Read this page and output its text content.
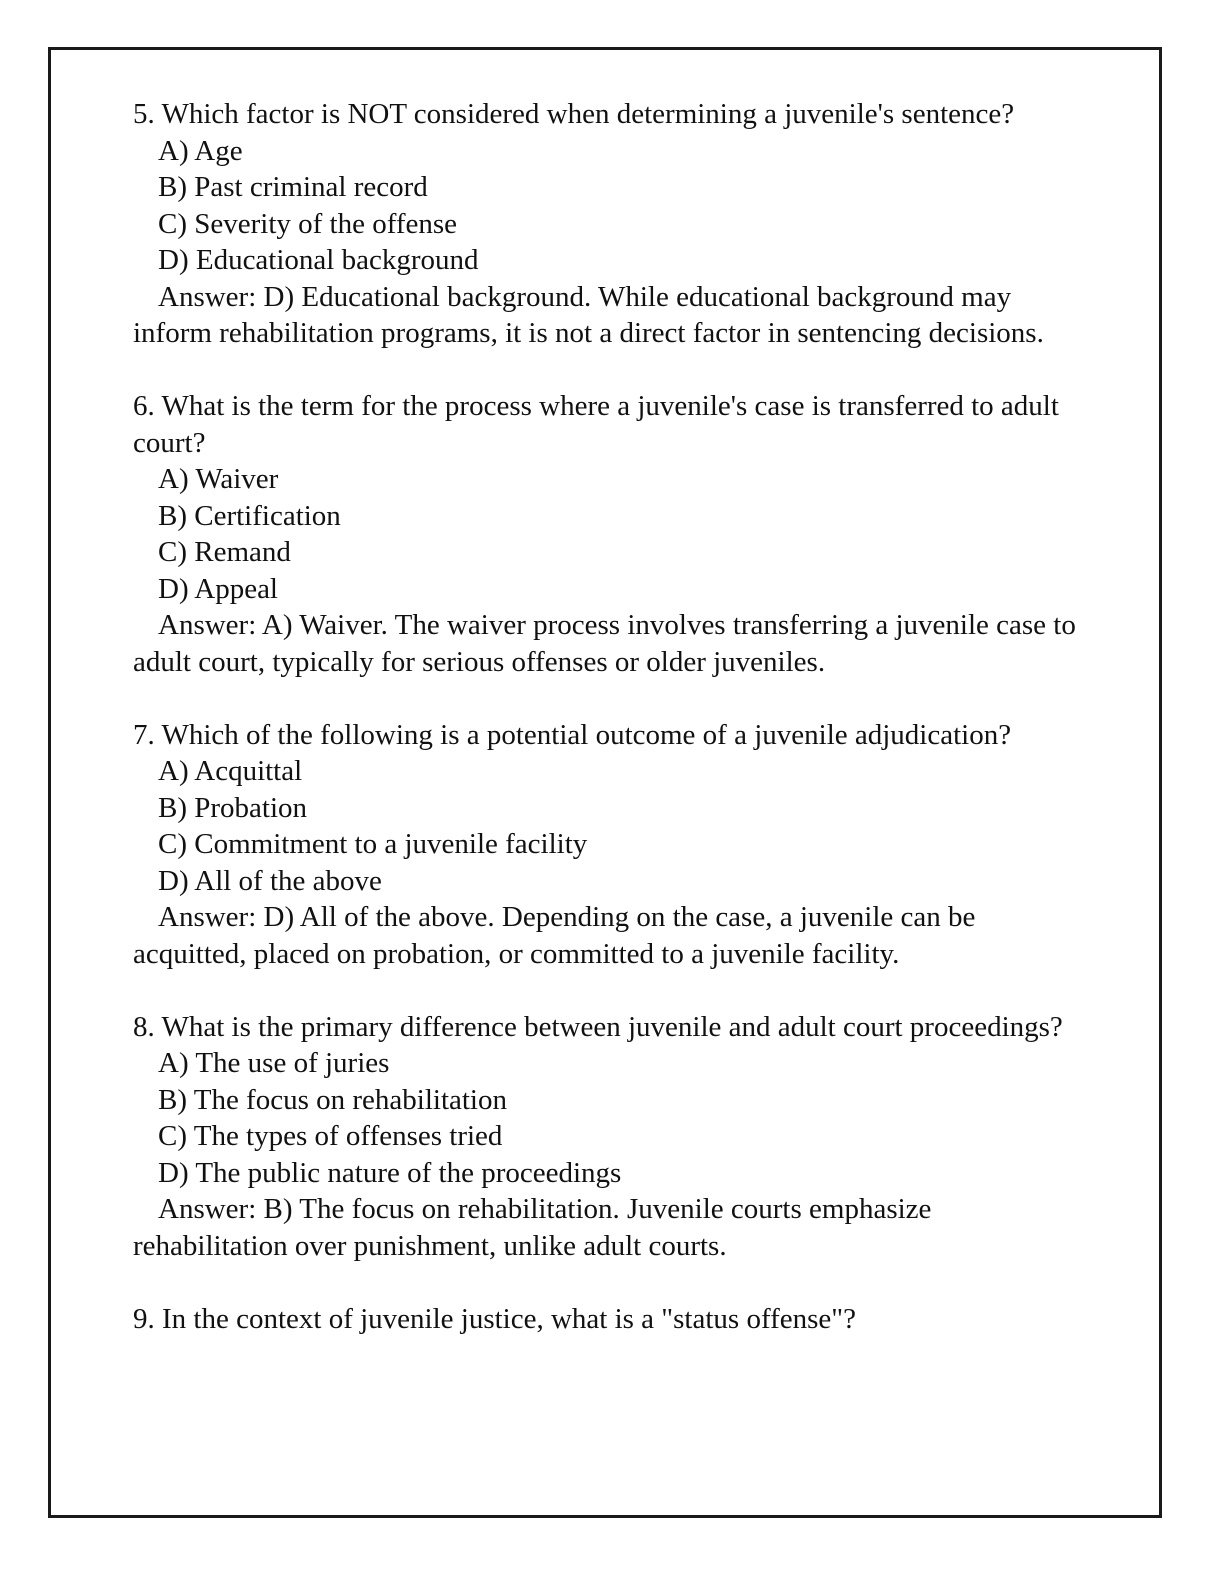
5. Which factor is NOT considered when determining a juvenile's sentence?
A) Age
B) Past criminal record
C) Severity of the offense
D) Educational background
Answer: D) Educational background. While educational background may inform rehabilitation programs, it is not a direct factor in sentencing decisions.
6. What is the term for the process where a juvenile's case is transferred to adult court?
A) Waiver
B) Certification
C) Remand
D) Appeal
Answer: A) Waiver. The waiver process involves transferring a juvenile case to adult court, typically for serious offenses or older juveniles.
7. Which of the following is a potential outcome of a juvenile adjudication?
A) Acquittal
B) Probation
C) Commitment to a juvenile facility
D) All of the above
Answer: D) All of the above. Depending on the case, a juvenile can be acquitted, placed on probation, or committed to a juvenile facility.
8. What is the primary difference between juvenile and adult court proceedings?
A) The use of juries
B) The focus on rehabilitation
C) The types of offenses tried
D) The public nature of the proceedings
Answer: B) The focus on rehabilitation. Juvenile courts emphasize rehabilitation over punishment, unlike adult courts.
9. In the context of juvenile justice, what is a "status offense"?
